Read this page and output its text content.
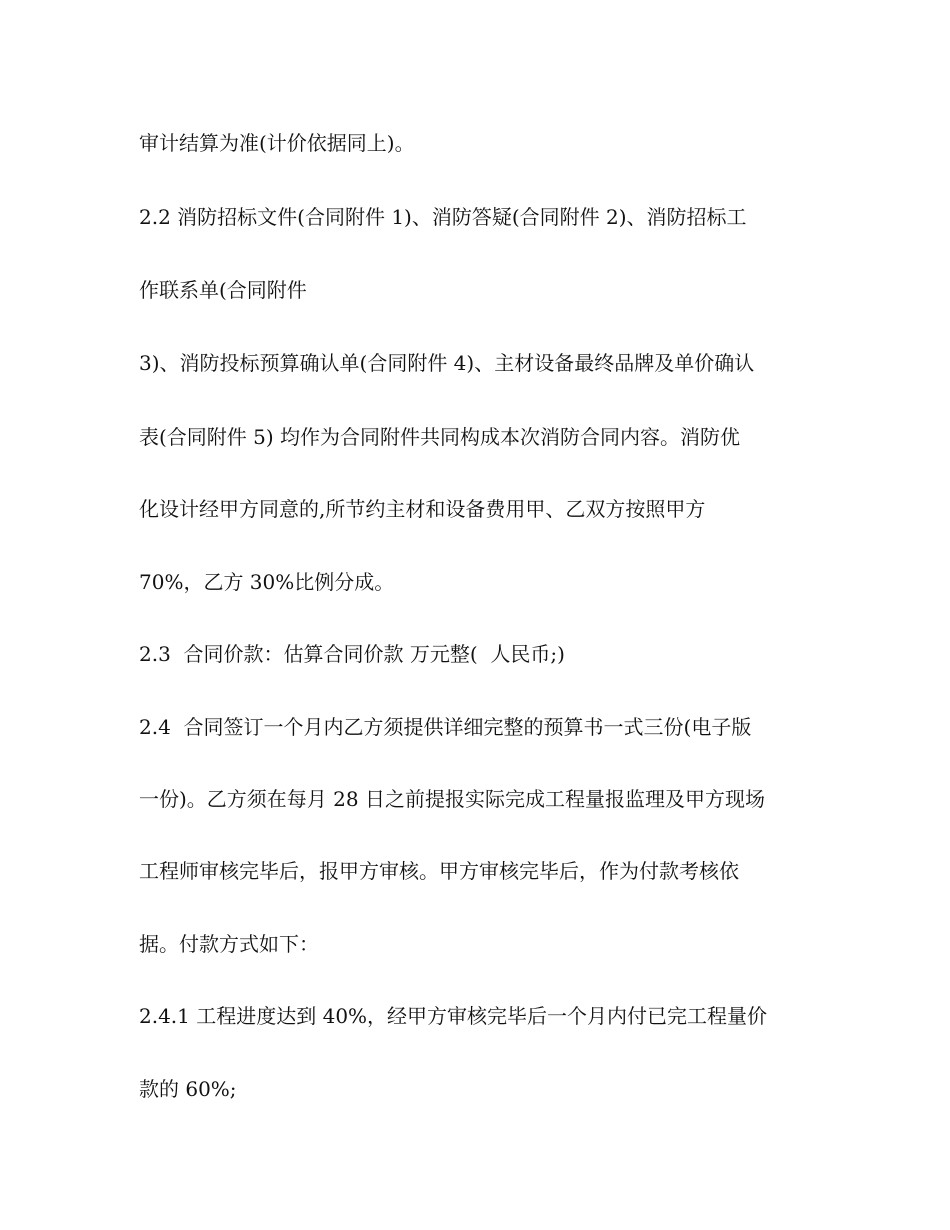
审计结算为准(计价依据同上)。
2.2 消防招标文件(合同附件 1)、消防答疑(合同附件 2)、消防招标工
作联系单(合同附件
3)、消防投标预算确认单(合同附件 4)、主材设备最终品牌及单价确认
表(合同附件 5) 均作为合同附件共同构成本次消防合同内容。消防优
化设计经甲方同意的,所节约主材和设备费用甲、乙双方按照甲方
70%，乙方 30%比例分成。
2.3  合同价款：估算合同价款 万元整(  人民币;)
2.4  合同签订一个月内乙方须提供详细完整的预算书一式三份(电子版
一份)。乙方须在每月 28 日之前提报实际完成工程量报监理及甲方现场
工程师审核完毕后，报甲方审核。甲方审核完毕后，作为付款考核依
据。付款方式如下：
2.4.1 工程进度达到 40%，经甲方审核完毕后一个月内付已完工程量价
款的 60%;
